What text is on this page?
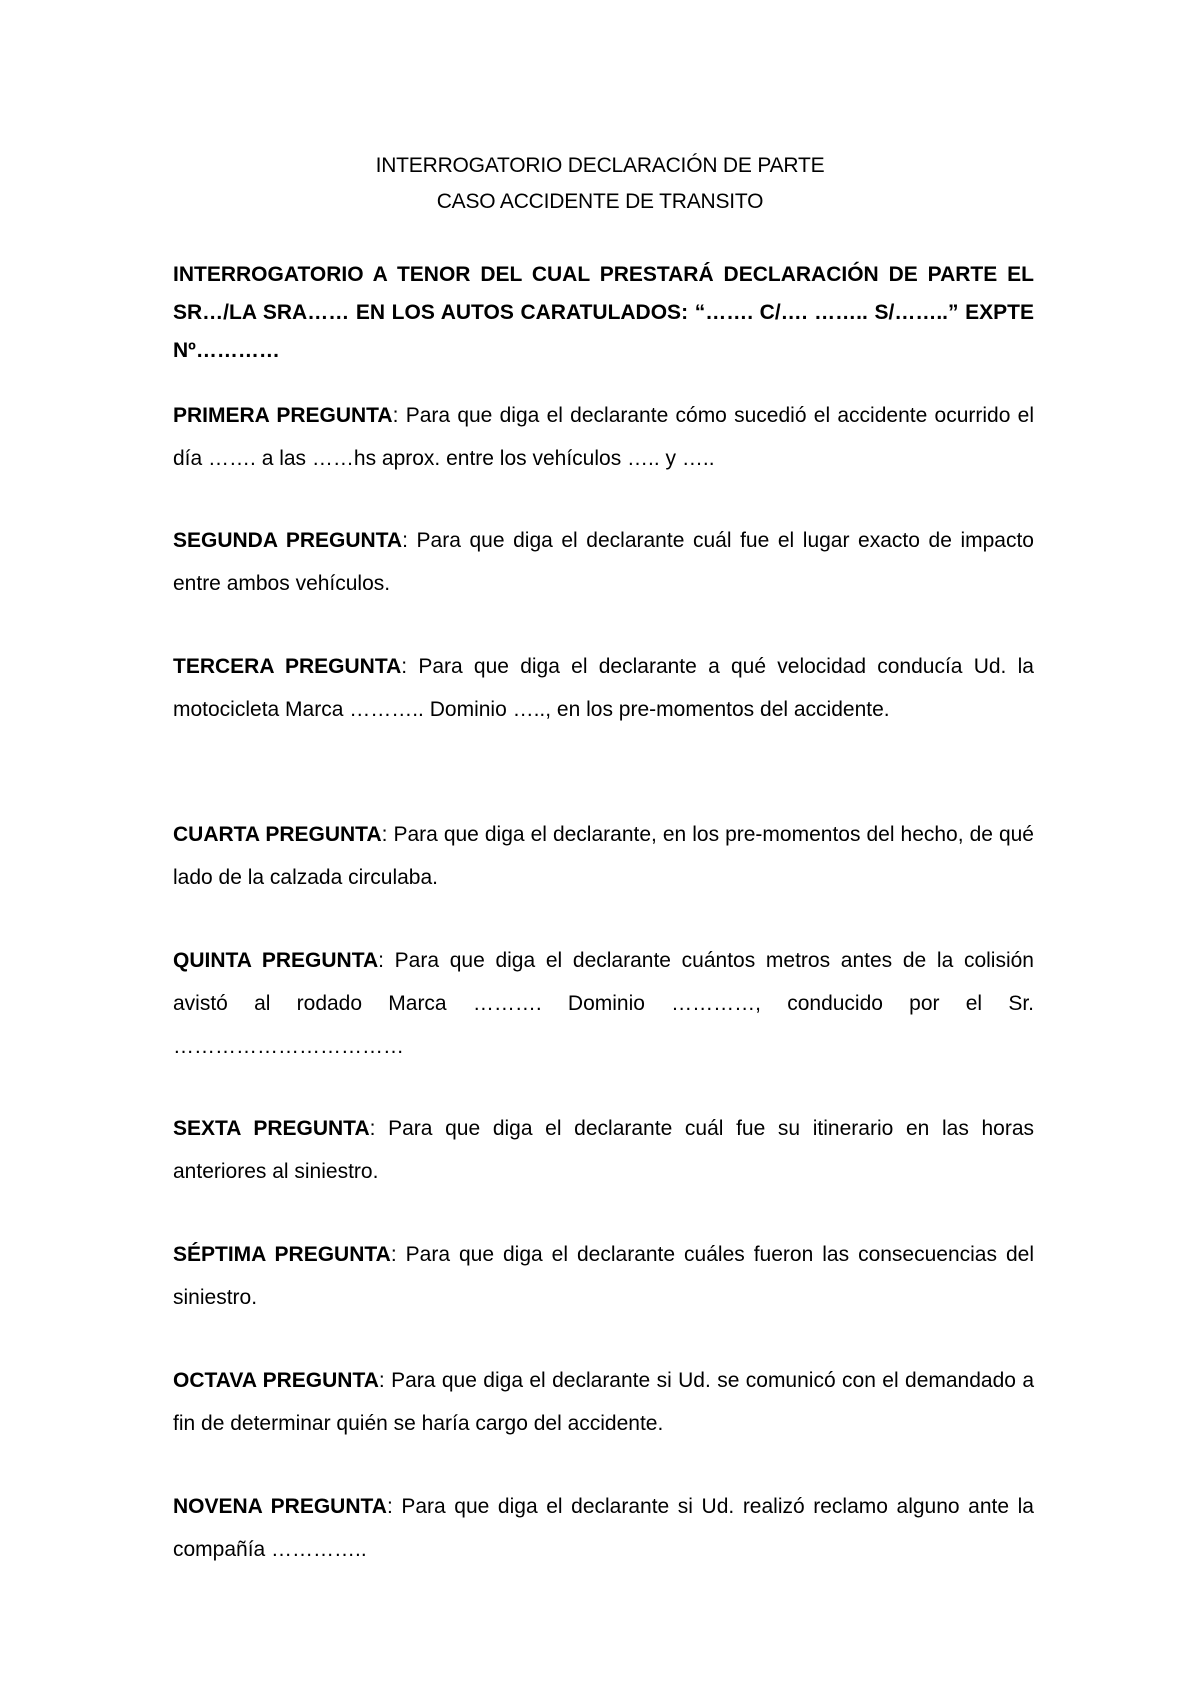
INTERROGATORIO DECLARACIÓN DE PARTE
CASO ACCIDENTE DE TRANSITO

INTERROGATORIO A TENOR DEL CUAL PRESTARÁ DECLARACIÓN DE PARTE EL SR…/LA SRA…… EN LOS AUTOS CARATULADOS: “……. C/…. …….. S/……..” EXPTE Nº…………

PRIMERA PREGUNTA: Para que diga el declarante cómo sucedió el accidente ocurrido el día ……. a las ……hs aprox. entre los vehículos ….. y …..

SEGUNDA PREGUNTA: Para que diga el declarante cuál fue el lugar exacto de impacto entre ambos vehículos.

TERCERA PREGUNTA: Para que diga el declarante a qué velocidad conducía Ud. la motocicleta Marca ……….. Dominio ….., en los pre-momentos del accidente.

CUARTA PREGUNTA: Para que diga el declarante, en los pre-momentos del hecho, de qué lado de la calzada circulaba.

QUINTA PREGUNTA: Para que diga el declarante cuántos metros antes de la colisión avistó al rodado Marca ………. Dominio …………, conducido por el Sr. ……………………………

SEXTA PREGUNTA: Para que diga el declarante cuál fue su itinerario en las horas anteriores al siniestro.

SÉPTIMA PREGUNTA: Para que diga el declarante cuáles fueron las consecuencias del siniestro.

OCTAVA PREGUNTA: Para que diga el declarante si Ud. se comunicó con el demandado a fin de determinar quién se haría cargo del accidente.

NOVENA PREGUNTA: Para que diga el declarante si Ud. realizó reclamo alguno ante la compañía …………..
